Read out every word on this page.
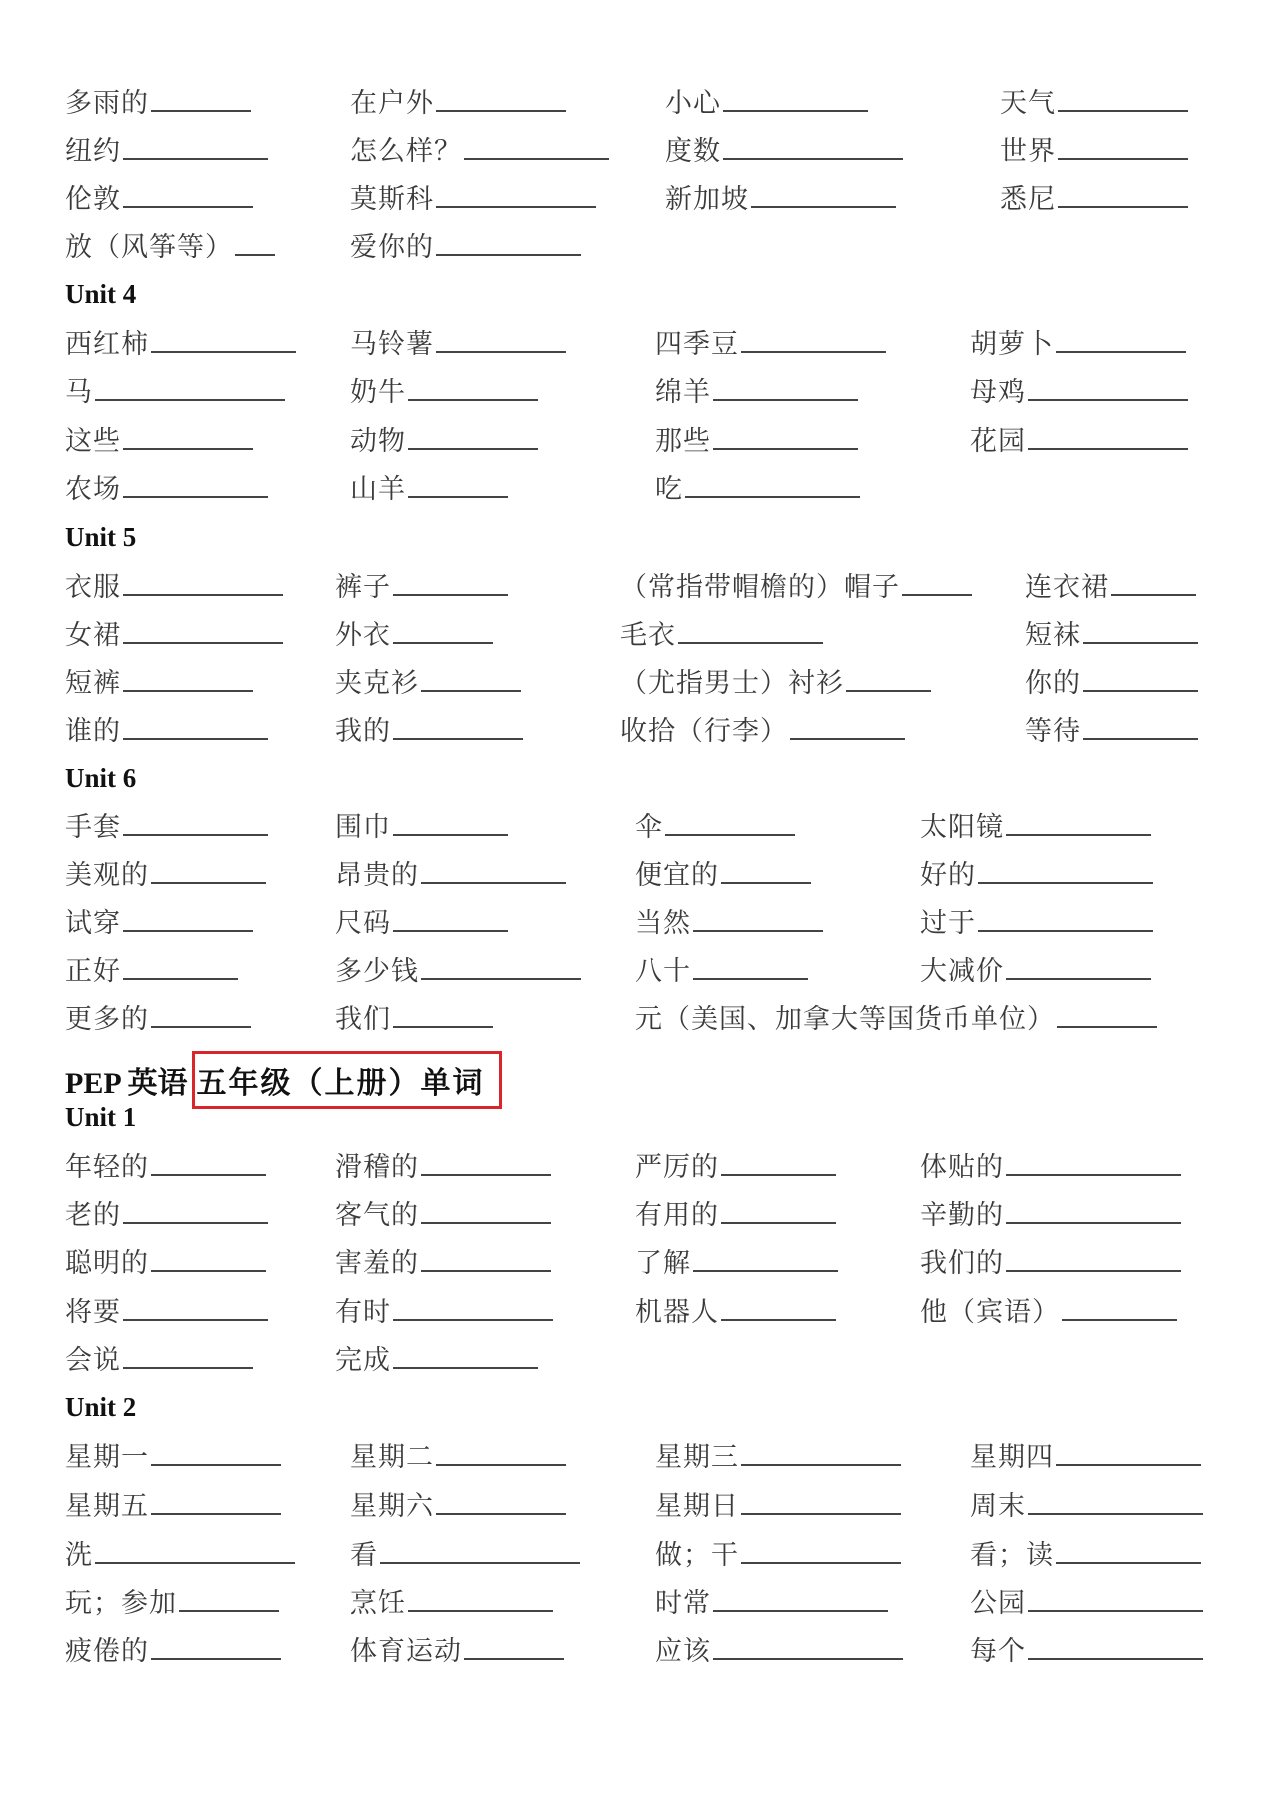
PEP 英语 五年级（上册）单词
多雨的	在户外	小心	天气
纽约	怎么样？	度数	世界
伦敦	莫斯科	新加坡	悉尼
放（风筝等）	爱你的
Unit 4
西红柿	马铃薯	四季豆	胡萝卜
马	奶牛	绵羊	母鸡
这些	动物	那些	花园
农场	山羊	吃
Unit 5
衣服	裤子	（常指带帽檐的）帽子	连衣裙
女裙	外衣	毛衣	短袜
短裤	夹克衫	（尤指男士）衬衫	你的
谁的	我的	收拾（行李）	等待
Unit 6
手套	围巾	伞	太阳镜
美观的	昂贵的	便宜的	好的
试穿	尺码	当然	过于
正好	多少钱	八十	大减价
更多的	我们	元（美国、加拿大等国货币单位）
Unit 1
年轻的	滑稽的	严厉的	体贴的
老的	客气的	有用的	辛勤的
聪明的	害羞的	了解	我们的
将要	有时	机器人	他（宾语）
会说	完成
Unit 2
星期一	星期二	星期三	星期四
星期五	星期六	星期日	周末
洗	看	做；干	看；读
玩；参加	烹饪	时常	公园
疲倦的	体育运动	应该	每个
